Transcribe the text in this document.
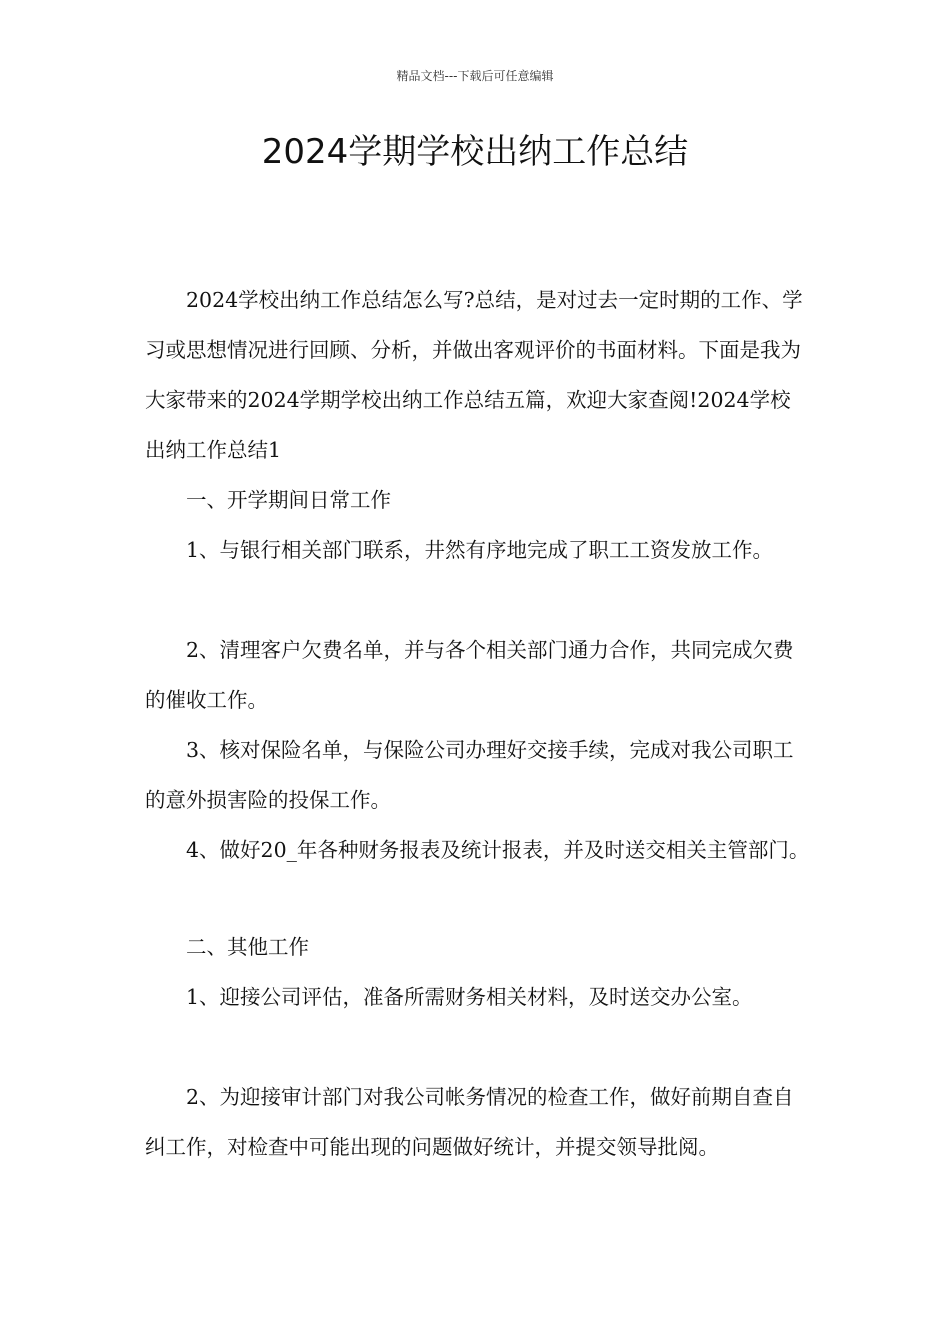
精品文档---下载后可任意编辑
2024学期学校出纳工作总结

2024学校出纳工作总结怎么写?总结，是对过去一定时期的工作、学习或思想情况进行回顾、分析，并做出客观评价的书面材料。下面是我为大家带来的2024学期学校出纳工作总结五篇，欢迎大家查阅!2024学校出纳工作总结1

一、开学期间日常工作

1、与银行相关部门联系，井然有序地完成了职工工资发放工作。

2、清理客户欠费名单，并与各个相关部门通力合作，共同完成欠费的催收工作。

3、核对保险名单，与保险公司办理好交接手续，完成对我公司职工的意外损害险的投保工作。

4、做好20_年各种财务报表及统计报表，并及时送交相关主管部门。

二、其他工作

1、迎接公司评估，准备所需财务相关材料，及时送交办公室。

2、为迎接审计部门对我公司帐务情况的检查工作，做好前期自查自纠工作，对检查中可能出现的问题做好统计，并提交领导批阅。
